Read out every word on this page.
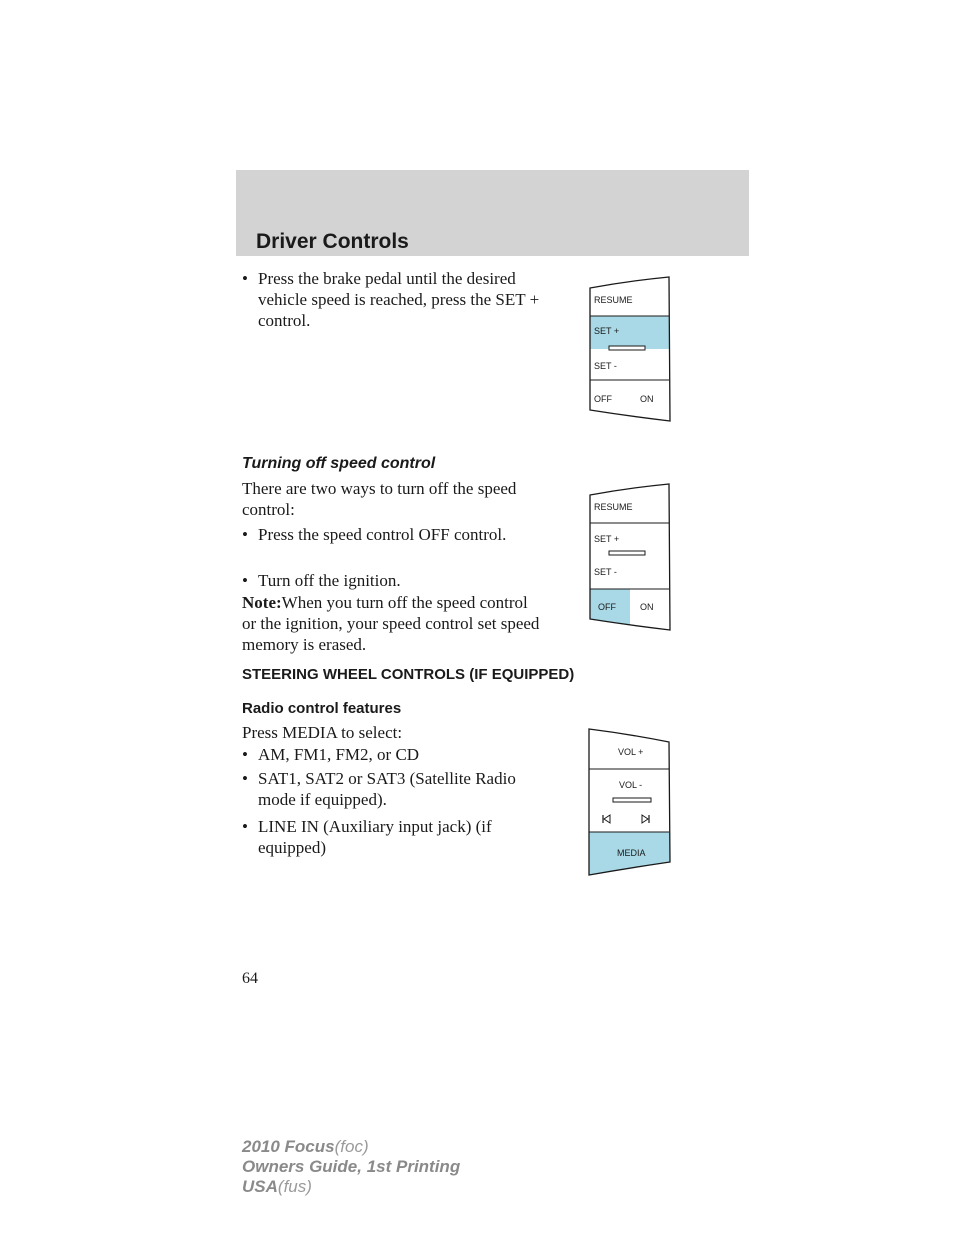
Driver Controls
• Press the brake pedal until the desired vehicle speed is reached, press the SET + control.
RESUME
SET +
SET -
OFF	ON
Turning off speed control

There are two ways to turn off the speed control:

• Press the speed control OFF control.
• Turn off the ignition.

Note:When you turn off the speed control or the ignition, your speed control set speed memory is erased.

RESUME
SET +
SET -
OFF	ON
STEERING WHEEL CONTROLS (IF EQUIPPED)
Radio control features

Press MEDIA to select:

• AM, FM1, FM2, or CD
• SAT1, SAT2 or SAT3 (Satellite Radio mode if equipped).
• LINE IN (Auxiliary input jack) (if equipped)
VOL +
VOL -
MEDIA
64
2010 Focus(foc)
Owners Guide, 1st Printing
USA(fus)
